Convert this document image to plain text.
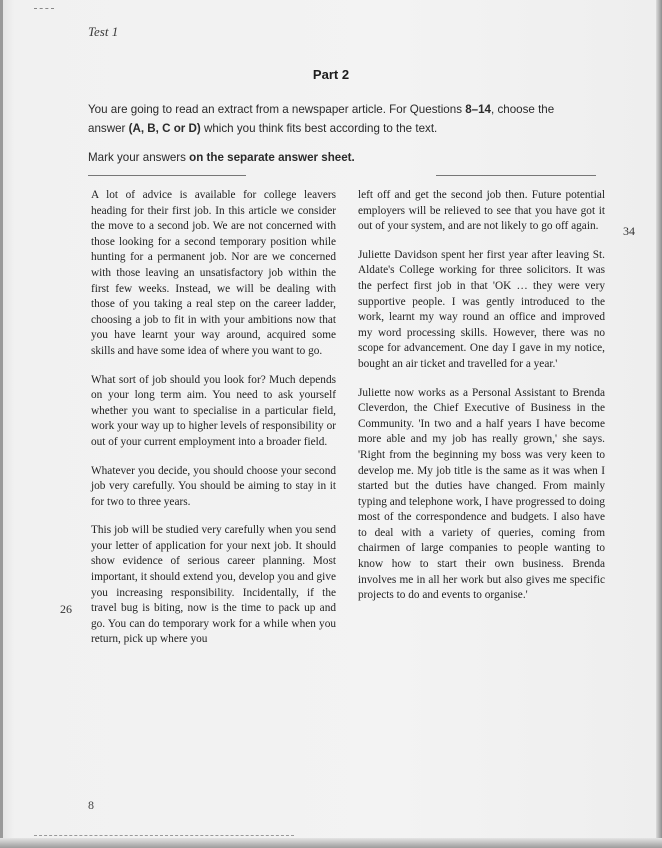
Test 1
Part 2
You are going to read an extract from a newspaper article. For Questions 8–14, choose the answer (A, B, C or D) which you think fits best according to the text.
Mark your answers on the separate answer sheet.

A lot of advice is available for college leavers heading for their first job. In this article we consider the move to a second job. We are not concerned with those looking for a second temporary position while hunting for a permanent job. Nor are we concerned with those leaving an unsatisfactory job within the first few weeks. Instead, we will be dealing with those of you taking a real step on the career ladder, choosing a job to fit in with your ambitions now that you have learnt your way around, acquired some skills and have some idea of where you want to go.

What sort of job should you look for? Much depends on your long term aim. You need to ask yourself whether you want to specialise in a particular field, work your way up to higher levels of responsibility or out of your current employment into a broader field.

Whatever you decide, you should choose your second job very carefully. You should be aiming to stay in it for two to three years.

This job will be studied very carefully when you send your letter of application for your next job. It should show evidence of serious career planning. Most important, it should extend you, develop you and give you increasing responsibility. Incidentally, if the travel bug is biting, now is the time to pack up and go. You can do temporary work for a while when you return, pick up where you

left off and get the second job then. Future potential employers will be relieved to see that you have got it out of your system, and are not likely to go off again.

Juliette Davidson spent her first year after leaving St. Aldate's College working for three solicitors. It was the perfect first job in that 'OK … they were very supportive people. I was gently introduced to the work, learnt my way round an office and improved my word processing skills. However, there was no scope for advancement. One day I gave in my notice, bought an air ticket and travelled for a year.'

Juliette now works as a Personal Assistant to Brenda Cleverdon, the Chief Executive of Business in the Community. 'In two and a half years I have become more able and my job has really grown,' she says. 'Right from the beginning my boss was very keen to develop me. My job title is the same as it was when I started but the duties have changed. From mainly typing and telephone work, I have progressed to doing most of the correspondence and budgets. I also have to deal with a variety of queries, coming from chairmen of large companies to people wanting to know how to start their own business. Brenda involves me in all her work but also gives me specific projects to do and events to organise.'

26
34
8
